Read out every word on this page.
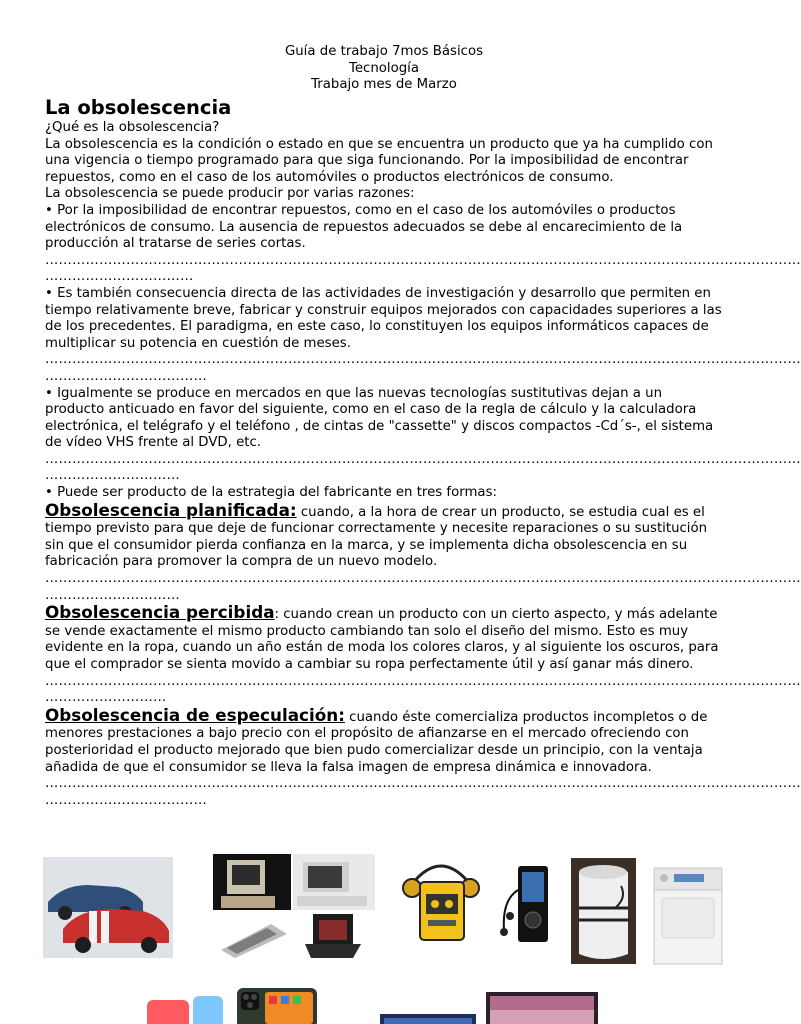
Guía de trabajo 7mos Básicos
Tecnología
Trabajo mes de Marzo

La obsolescencia

¿Qué es la obsolescencia?

La obsolescencia es la condición o estado en que se encuentra un producto que ya ha cumplido con una vigencia o tiempo programado para que siga funcionando. Por la imposibilidad de encontrar repuestos, como en el caso de los automóviles o productos electrónicos de consumo.

La obsolescencia se puede producir por varias razones:

• Por la imposibilidad de encontrar repuestos, como en el caso de los automóviles o productos electrónicos de consumo. La ausencia de repuestos adecuados se debe al encarecimiento de la producción al tratarse de series cortas.

……………………………………………………………………………………………………………………………………………………

……………………………

• Es también consecuencia directa de las actividades de investigación y desarrollo que permiten en tiempo relativamente breve, fabricar y construir equipos mejorados con capacidades superiores a las de los precedentes. El paradigma, en este caso, lo constituyen los equipos informáticos capaces de multiplicar su potencia en cuestión de meses.

……………………………………………………………………………………………………………………………………………………

………………………………

• Igualmente se produce en mercados en que las nuevas tecnologías sustitutivas dejan a un producto anticuado en favor del siguiente, como en el caso de la regla de cálculo y la calculadora electrónica, el telégrafo y el teléfono , de cintas de "cassette" y discos compactos -Cd´s-, el sistema de vídeo VHS frente al DVD, etc.

……………………………………………………………………………………………………………………………………………………

…………………………

• Puede ser producto de la estrategia del fabricante en tres formas:

Obsolescencia planificada: cuando, a la hora de crear un producto, se estudia cual es el tiempo previsto para que deje de funcionar correctamente y necesite reparaciones o su sustitución sin que el consumidor pierda confianza en la marca, y se implementa dicha obsolescencia en su fabricación para promover la compra de un nuevo modelo.

……………………………………………………………………………………………………………………………………………………

…………………………

Obsolescencia percibida: cuando crean un producto con un cierto aspecto, y más adelante se vende exactamente el mismo producto cambiando tan solo el diseño del mismo. Esto es muy evidente en la ropa, cuando un año están de moda los colores claros, y al siguiente los oscuros, para que el comprador se sienta movido a cambiar su ropa perfectamente útil y así ganar más dinero.

……………………………………………………………………………………………………………………………………………………

………………………

Obsolescencia de especulación: cuando éste comercializa productos incompletos o de menores prestaciones a bajo precio con el propósito de afianzarse en el mercado ofreciendo con posterioridad el producto mejorado que bien pudo comercializar desde un principio, con la ventaja añadida de que el consumidor se lleva la falsa imagen de empresa dinámica e innovadora.

……………………………………………………………………………………………………………………………………………………

………………………………
